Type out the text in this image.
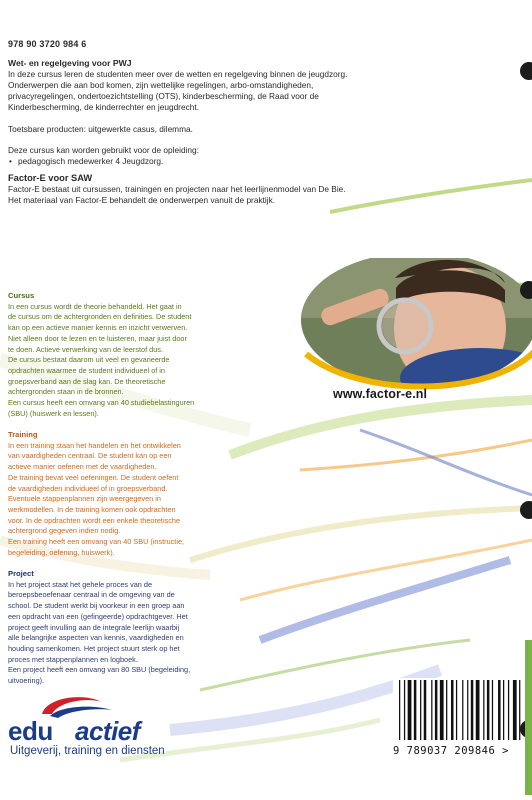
978 90 3720 984 6
Wet- en regelgeving voor PWJ
In deze cursus leren de studenten meer over de wetten en regelgeving binnen de jeugdzorg.
Onderwerpen die aan bod komen, zijn wettelijke regelingen, arbo-omstandigheden,
privacyregelingen, ondertoezichtstelling (OTS), kinderbescherming, de Raad voor de
Kinderbescherming, de kinderrechter en jeugdrecht.
Toetsbare producten: uitgewerkte casus, dilemma.
Deze cursus kan worden gebruikt voor de opleiding:
• pedagogisch medewerker 4 Jeugdzorg.
Factor-E voor SAW
Factor-E bestaat uit cursussen, trainingen en projecten naar het leerlijnenmodel van De Bie.
Het materiaal van Factor-E behandelt de onderwerpen vanuit de praktijk.
www.factor-e.nl
Cursus
In een cursus wordt de theorie behandeld. Het gaat in
de cursus om de achtergronden en definities. De student
kan op een actieve manier kennis en inzicht verwerven.
Niet alleen door te lezen en te luisteren, maar juist door
te doen. Actieve verwerking van de leerstof dus.
De cursus bestaat daarom uit veel en gevarieerde
opdrachten waarmee de student individueel of in
groepsverband aan de slag kan. De theoretische
achtergronden staan in de bronnen.
Een cursus heeft een omvang van 40 studiebelastinguren
(SBU) (huiswerk en lessen).
Training
In een training staan het handelen en het ontwikkelen
van vaardigheden centraal. De student kan op een
actieve manier oefenen met de vaardigheden.
De training bevat veel oefeningen. De student oefent
de vaardigheden individueel of in groepsverband.
Eventuele stappenplannen zijn weergegeven in
werkmodellen. In de training komen ook opdrachten
voor. In de opdrachten wordt een enkele theoretische
achtergrond gegeven indien nodig.
Een training heeft een omvang van 40 SBU (instructie,
begeleiding, oefening, huiswerk).
Project
In het project staat het gehele proces van de
beroepsbeoefenaar centraal in de omgeving van de
school. De student werkt bij voorkeur in een groep aan
een opdracht van een (gefingeerde) opdrachtgever. Het
project geeft invulling aan de integrale leerlijn waarbij
alle belangrijke aspecten van kennis, vaardigheden en
houding samenkomen. Het project stuurt sterk op het
proces met stappenplannen en logboek.
Een project heeft een omvang van 80 SBU (begeleiding,
uitvoering).
edu actief
Uitgeverij, training en diensten	9 789037 209846 >
